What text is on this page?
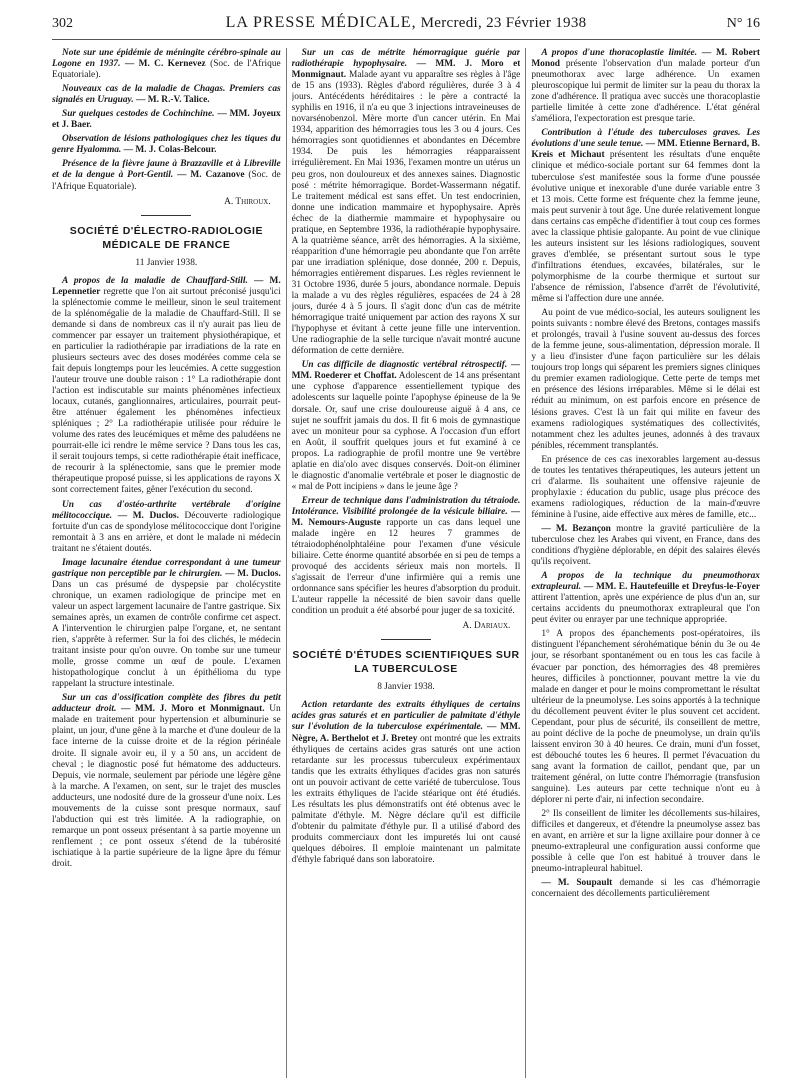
302	LA PRESSE MÉDICALE, Mercredi, 23 Février 1938	N° 16

Note sur une épidémie de méningite cérébro-spinale au Logone en 1937. — M. C. Kernevez (Soc. de l'Afrique Equatoriale).

Nouveaux cas de la maladie de Chagas. Premiers cas signalés en Uruguay. — M. R.-V. Talice.

Sur quelques cestodes de Cochinchine. — MM. Joyeux et J. Baer.

Observation de lésions pathologiques chez les tiques du genre Hyalomma. — M. J. Colas-Belcour.

Présence de la fièvre jaune à Brazzaville et à Libreville et de la dengue à Port-Gentil. — M. Cazanove (Soc. de l'Afrique Equatoriale).

A. Thiroux.
SOCIÉTÉ D'ÉLECTRO-RADIOLOGIE MÉDICALE DE FRANCE
11 Janvier 1938.

A propos de la maladie de Chauffard-Still. — M. Lepennetier regrette que l'on ait surtout préconisé jusqu'ici la splénectomie comme le meilleur, sinon le seul traitement de la splénomégalie de la maladie de Chauffard-Still. Il se demande si dans de nombreux cas il n'y aurait pas lieu de commencer par essayer un traitement physiothérapique, et en particulier la radiothérapie par irradiations de la rate en plusieurs secteurs avec des doses modérées comme cela se fait depuis longtemps pour les leucémies. A cette suggestion l'auteur trouve une double raison : 1° La radiothérapie dont l'action est indiscutable sur maints phénomènes infectieux locaux, cutanés, ganglionnaires, articulaires, pourrait peut-être atténuer également les phénomènes infectieux spléniques ; 2° La radiothérapie utilisée pour réduire le volume des rates des leucémiques et même des paludéens ne pourrait-elle ici rendre le même service ? Dans tous les cas, il serait toujours temps, si cette radiothérapie était inefficace, de recourir à la splénectomie, sans que le premier mode thérapeutique proposé puisse, si les applications de rayons X sont correctement faites, gêner l'exécution du second.

Un cas d'ostéo-arthrite vertébrale d'origine mélitococcique. — M. Duclos. Découverte radiologique fortuite d'un cas de spondylose mélitococcique dont l'origine remontait à 3 ans en arrière, et dont le malade ni médecin traitant ne s'étaient doutés.

Image lacunaire étendue correspondant à une tumeur gastrique non perceptible par le chirurgien. — M. Duclos. Dans un cas présumé de dyspepsie par cholécystite chronique, un examen radiologique de principe met en valeur un aspect largement lacunaire de l'antre gastrique. Six semaines après, un examen de contrôle confirme cet aspect. A l'intervention le chirurgien palpe l'organe, et, ne sentant rien, s'apprête à refermer. Sur la foi des clichés, le médecin traitant insiste pour qu'on ouvre. On tombe sur une tumeur molle, grosse comme un œuf de poule. L'examen histopathologique conclut à un épithélioma du type rappelant la structure intestinale.

Sur un cas d'ossification complète des fibres du petit adducteur droit. — MM. J. Moro et Monmignaut. Un malade en traitement pour hypertension et albuminurie se plaint, un jour, d'une gêne à la marche et d'une douleur de la face interne de la cuisse droite et de la région périnéale droite. Il signale avoir eu, il y a 50 ans, un accident de cheval ; le diagnostic posé fut hématome des adducteurs. Depuis, vie normale, seulement par période une légère gêne à la marche. A l'examen, on sent, sur le trajet des muscles adducteurs, une nodosité dure de la grosseur d'une noix. Les mouvements de la cuisse sont presque normaux, sauf l'abduction qui est très limitée. A la radiographie, on remarque un pont osseux présentant à sa partie moyenne un renflement ; ce pont osseux s'étend de la tubérosité ischiatique à la partie supérieure de la ligne âpre du fémur droit.

Sur un cas de métrite hémorragique guérie par radiothérapie hypophysaire. — MM. J. Moro et Monmignaut. Malade ayant vu apparaître ses règles à l'âge de 15 ans (1933). Règles d'abord régulières, durée 3 à 4 jours. Antécédents héréditaires : le père a contracté la syphilis en 1916, il n'a eu que 3 injections intraveineuses de novarsénobenzol. Mère morte d'un cancer utérin. En Mai 1934, apparition des hémorragies tous les 3 ou 4 jours. Ces hémorragies sont quotidiennes et abondantes en Décembre 1934. De puis les hémorragies réapparaissent irrégulièrement. En Mai 1936, l'examen montre un utérus un peu gros, non douloureux et des annexes saines. Diagnostic posé : métrite hémorragique. Bordet-Wassermann négatif. Le traitement médical est sans effet. Un test endocrinien, donne une indication mammaire et hypophysaire. Après échec de la diathermie mammaire et hypophysaire ou pratique, en Septembre 1936, la radiothérapie hypophysaire. A la quatrième séance, arrêt des hémorragies. A la sixième, réapparition d'une hémorragie peu abondante que l'on arrête par une irradiation splénique, dose donnée, 200 r. Depuis, hémorragies entièrement disparues. Les règles reviennent le 31 Octobre 1936, durée 5 jours, abondance normale. Depuis la malade a vu des règles régulières, espacées de 24 à 28 jours, durée 4 à 5 jours. Il s'agit donc d'un cas de métrite hémorragique traité uniquement par action des rayons X sur l'hypophyse et évitant à cette jeune fille une intervention. Une radiographie de la selle turcique n'avait montré aucune déformation de cette dernière.

Un cas difficile de diagnostic vertébral rétrospectif. — MM. Roederer et Choffat. Adolescent de 14 ans présentant une cyphose d'apparence essentiellement typique des adolescents sur laquelle pointe l'apophyse épineuse de la 9e dorsale. Or, sauf une crise douloureuse aiguë à 4 ans, ce sujet ne souffrit jamais du dos. Il fit 6 mois de gymnastique avec un moniteur pour sa cyphose. A l'occasion d'un effort en Août, il souffrit quelques jours et fut examiné à ce propos. La radiographie de profil montre une 9e vertèbre aplatie en dia'olo avec disques conservés. Doit-on éliminer le diagnostic d'anomalie vertébrale et poser le diagnostic de « mal de Pott incipiens » dans le jeune âge ?

Erreur de technique dans l'administration du tétraiode. Intolérance. Visibilité prolongée de la vésicule biliaire. — M. Nemours-Auguste rapporte un cas dans lequel une malade ingère en 12 heures 7 grammes de tétraiodophénolphtaléine pour l'examen d'une vésicule biliaire. Cette énorme quantité absorbée en si peu de temps a provoqué des accidents sérieux mais non mortels. Il s'agissait de l'erreur d'une infirmière qui a remis une ordonnance sans spécifier les heures d'absorption du produit. L'auteur rappelle la nécessité de bien savoir dans quelle condition un produit a été absorbé pour juger de sa toxicité.

A. Dariaux.
SOCIÉTÉ D'ÉTUDES SCIENTIFIQUES SUR LA TUBERCULOSE
8 Janvier 1938.

Action retardante des extraits éthyliques de certains acides gras saturés et en particulier de palmitate d'éthyle sur l'évolution de la tuberculose expérimentale. — MM. Nègre, A. Berthelot et J. Bretey ont montré que les extraits éthyliques de certains acides gras saturés ont une action retardante sur les processus tuberculeux expérimentaux tandis que les extraits éthyliques d'acides gras non saturés ont un pouvoir activant de cette variété de tuberculose. Tous les extraits éthyliques de l'acide stéarique ont été étudiés. Les résultats les plus démonstratifs ont été obtenus avec le palmitate d'éthyle. M. Nègre déclare qu'il est difficile d'obtenir du palmitate d'éthyle pur. Il a utilisé d'abord des produits commerciaux dont les impuretés lui ont causé quelques déboires. Il emploie maintenant un palmitate d'éthyle fabriqué dans son laboratoire.

A propos d'une thoracoplastie limitée. — M. Robert Monod présente l'observation d'un malade porteur d'un pneumothorax avec large adhérence. Un examen pleuroscopique lui permit de limiter sur la peau du thorax la zone d'adhérence. Il pratiqua avec succès une thoracoplastie partielle limitée à cette zone d'adhérence. L'état général s'améliora, l'expectoration est presque tarie.

Contribution à l'étude des tuberculoses graves. Les évolutions d'une seule tenue. — MM. Etienne Bernard, B. Kreis et Michaut présentent les résultats d'une enquête clinique et médico-sociale portant sur 64 femmes dont la tuberculose s'est manifestée sous la forme d'une poussée évolutive unique et inexorable d'une durée variable entre 3 et 13 mois. Cette forme est fréquente chez la femme jeune, mais peut survenir à tout âge. Une durée relativement longue dans certains cas empêche d'identifier à tout coup ces formes avec la classique phtisie galopante. Au point de vue clinique les auteurs insistent sur les lésions radiologiques, souvent graves d'emblée, se présentant surtout sous le type d'infiltrations étendues, excavées, bilatérales, sur le polymorphisme de la courbe thermique et surtout sur l'absence de rémission, l'absence d'arrêt de l'évolutivité, même si l'affection dure une année.

Au point de vue médico-social, les auteurs soulignent les points suivants : nombre élevé des Bretons, contages massifs et prolongés, travail à l'usine souvent au-dessus des forces de la femme jeune, sous-alimentation, dépression morale. Il y a lieu d'insister d'une façon particulière sur les délais toujours trop longs qui séparent les premiers signes cliniques du premier examen radiologique. Cette perte de temps met en présence des lésions irréparables. Même si le délai est réduit au minimum, on est parfois encore en présence de lésions graves. C'est là un fait qui milite en faveur des examens radiologiques systématiques des collectivités, notamment chez les adultes jeunes, adonnés à des travaux pénibles, récemment transplantés.

En présence de ces cas inexorables largement au-dessus de toutes les tentatives thérapeutiques, les auteurs jettent un cri d'alarme. Ils souhaitent une offensive rajeunie de prophylaxie : éducation du public, usage plus précoce des examens radiologiques, réduction de la main-d'œuvre féminine à l'usine, aide effective aux mères de famille, etc...

— M. Bezançon montre la gravité particulière de la tuberculose chez les Arabes qui vivent, en France, dans des conditions d'hygiène déplorable, en dépit des salaires élevés qu'ils reçoivent.

A propos de la technique du pneumothorax extrapleural. — MM. E. Hautefeuille et Dreyfus-le-Foyer attirent l'attention, après une expérience de plus d'un an, sur certains accidents du pneumothorax extrapleural que l'on peut éviter ou enrayer par une technique appropriée.

1° A propos des épanchements post-opératoires, ils distinguent l'épanchement sérohématique bénin du 3e ou 4e jour, se résorbant spontanément ou en tous les cas facile à évacuer par ponction, des hémorragies des 48 premières heures, difficiles à ponctionner, pouvant mettre la vie du malade en danger et pour le moins compromettant le résultat ultérieur de la pneumolyse. Les soins apportés à la technique du décollement peuvent éviter le plus souvent cet accident. Cependant, pour plus de sécurité, ils conseillent de mettre, au point déclive de la poche de pneumolyse, un drain qu'ils laissent environ 30 à 40 heures. Ce drain, muni d'un fosset, est débouché toutes les 6 heures. Il permet l'évacuation du sang avant la formation de caillot, pendant que, par un traitement général, on lutte contre l'hémorragie (transfusion sanguine). Les auteurs par cette technique n'ont eu à déplorer ni perte d'air, ni infection secondaire.

2° Ils conseillent de limiter les décollements sus-hilaires, difficiles et dangereux, et d'étendre la pneumolyse assez bas en avant, en arrière et sur la ligne axillaire pour donner à ce pneumo-extrapleural une configuration aussi conforme que possible à celle que l'on est habitué à trouver dans le pneumo-intrapleural habituel.

— M. Soupault demande si les cas d'hémorragie concernaient des décollements particulièrement
